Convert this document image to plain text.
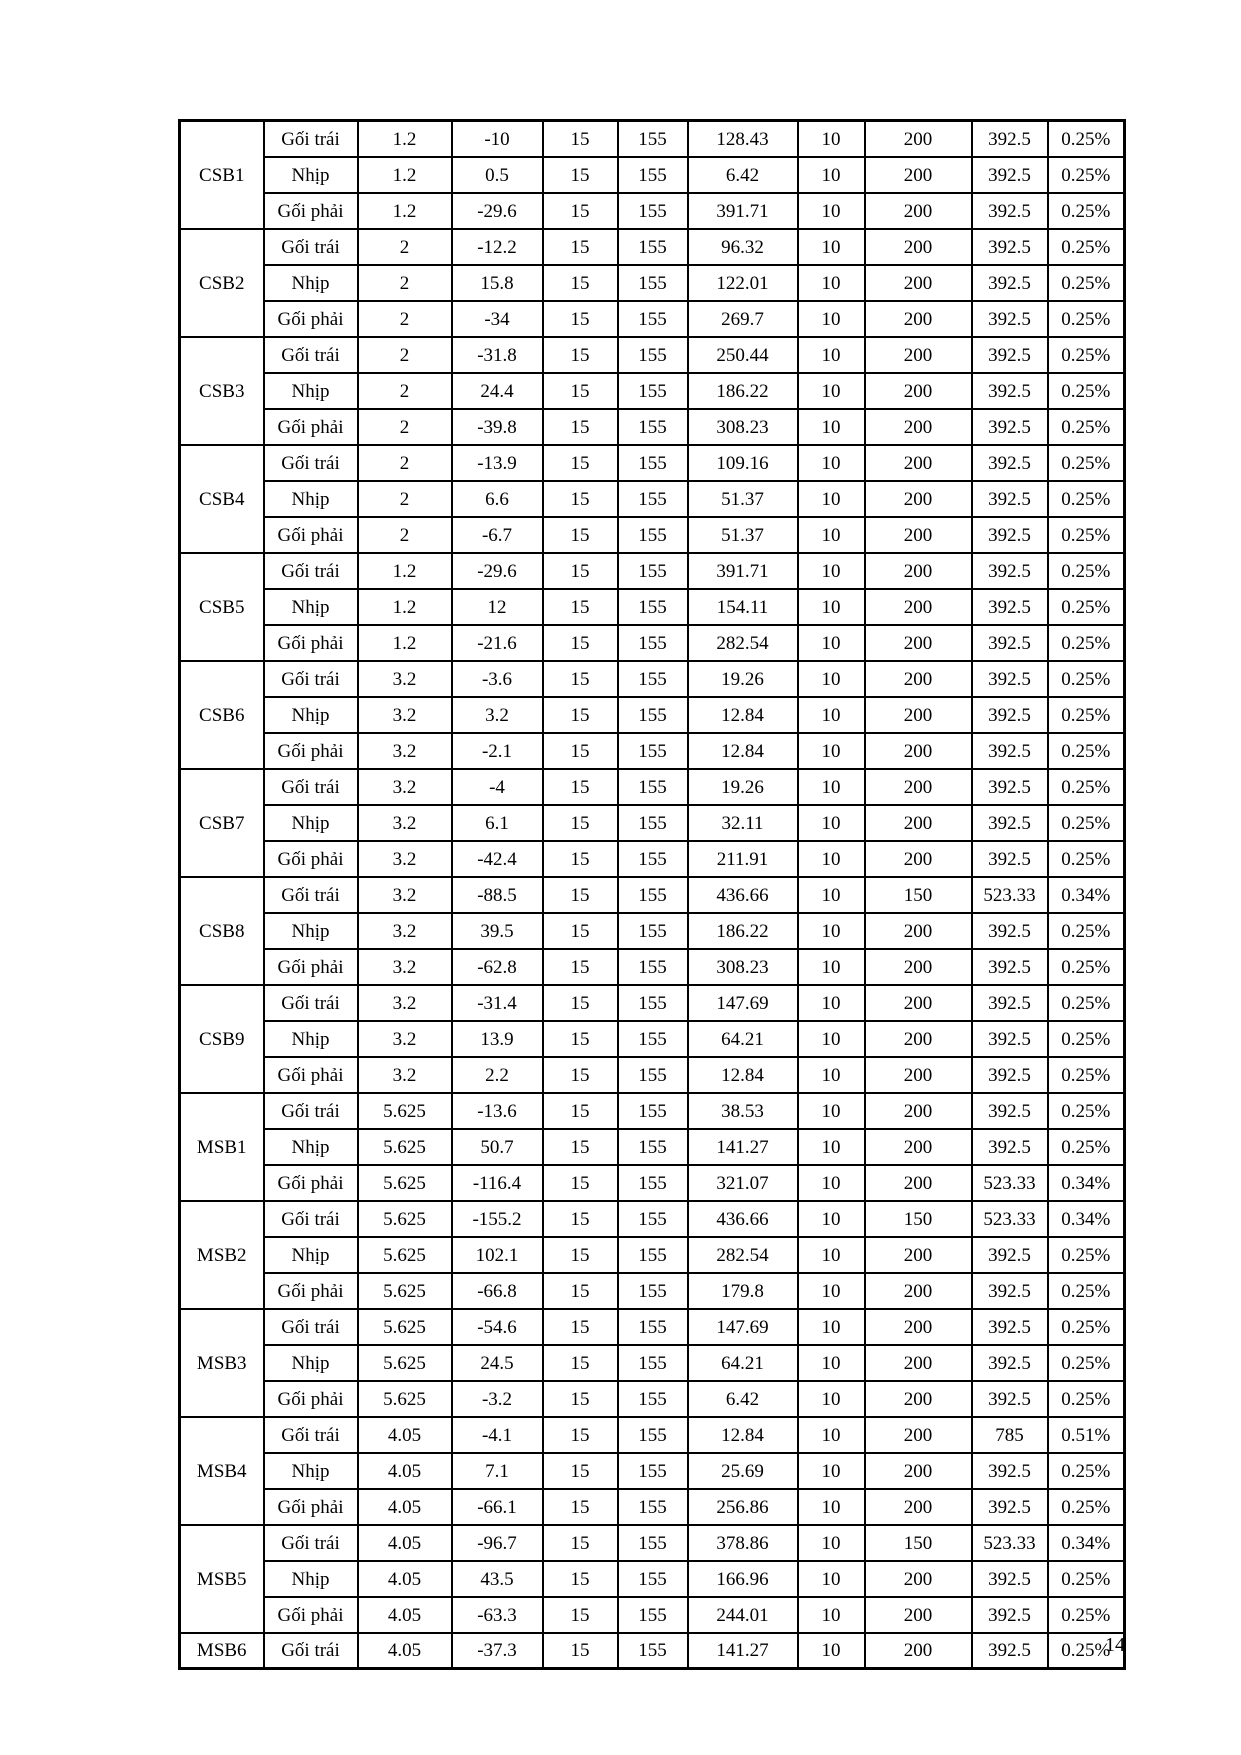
CSB1	Gối trái	1.2	-10	15	155	128.43	10	200	392.5	0.25%
	Nhịp	1.2	0.5	15	155	6.42	10	200	392.5	0.25%
	Gối phải	1.2	-29.6	15	155	391.71	10	200	392.5	0.25%
CSB2	Gối trái	2	-12.2	15	155	96.32	10	200	392.5	0.25%
	Nhịp	2	15.8	15	155	122.01	10	200	392.5	0.25%
	Gối phải	2	-34	15	155	269.7	10	200	392.5	0.25%
CSB3	Gối trái	2	-31.8	15	155	250.44	10	200	392.5	0.25%
	Nhịp	2	24.4	15	155	186.22	10	200	392.5	0.25%
	Gối phải	2	-39.8	15	155	308.23	10	200	392.5	0.25%
CSB4	Gối trái	2	-13.9	15	155	109.16	10	200	392.5	0.25%
	Nhịp	2	6.6	15	155	51.37	10	200	392.5	0.25%
	Gối phải	2	-6.7	15	155	51.37	10	200	392.5	0.25%
CSB5	Gối trái	1.2	-29.6	15	155	391.71	10	200	392.5	0.25%
	Nhịp	1.2	12	15	155	154.11	10	200	392.5	0.25%
	Gối phải	1.2	-21.6	15	155	282.54	10	200	392.5	0.25%
CSB6	Gối trái	3.2	-3.6	15	155	19.26	10	200	392.5	0.25%
	Nhịp	3.2	3.2	15	155	12.84	10	200	392.5	0.25%
	Gối phải	3.2	-2.1	15	155	12.84	10	200	392.5	0.25%
CSB7	Gối trái	3.2	-4	15	155	19.26	10	200	392.5	0.25%
	Nhịp	3.2	6.1	15	155	32.11	10	200	392.5	0.25%
	Gối phải	3.2	-42.4	15	155	211.91	10	200	392.5	0.25%
CSB8	Gối trái	3.2	-88.5	15	155	436.66	10	150	523.33	0.34%
	Nhịp	3.2	39.5	15	155	186.22	10	200	392.5	0.25%
	Gối phải	3.2	-62.8	15	155	308.23	10	200	392.5	0.25%
CSB9	Gối trái	3.2	-31.4	15	155	147.69	10	200	392.5	0.25%
	Nhịp	3.2	13.9	15	155	64.21	10	200	392.5	0.25%
	Gối phải	3.2	2.2	15	155	12.84	10	200	392.5	0.25%
MSB1	Gối trái	5.625	-13.6	15	155	38.53	10	200	392.5	0.25%
	Nhịp	5.625	50.7	15	155	141.27	10	200	392.5	0.25%
	Gối phải	5.625	-116.4	15	155	321.07	10	200	523.33	0.34%
MSB2	Gối trái	5.625	-155.2	15	155	436.66	10	150	523.33	0.34%
	Nhịp	5.625	102.1	15	155	282.54	10	200	392.5	0.25%
	Gối phải	5.625	-66.8	15	155	179.8	10	200	392.5	0.25%
MSB3	Gối trái	5.625	-54.6	15	155	147.69	10	200	392.5	0.25%
	Nhịp	5.625	24.5	15	155	64.21	10	200	392.5	0.25%
	Gối phải	5.625	-3.2	15	155	6.42	10	200	392.5	0.25%
MSB4	Gối trái	4.05	-4.1	15	155	12.84	10	200	785	0.51%
	Nhịp	4.05	7.1	15	155	25.69	10	200	392.5	0.25%
	Gối phải	4.05	-66.1	15	155	256.86	10	200	392.5	0.25%
MSB5	Gối trái	4.05	-96.7	15	155	378.86	10	150	523.33	0.34%
	Nhịp	4.05	43.5	15	155	166.96	10	200	392.5	0.25%
	Gối phải	4.05	-63.3	15	155	244.01	10	200	392.5	0.25%
MSB6	Gối trái	4.05	-37.3	15	155	141.27	10	200	392.5	0.25%
14
